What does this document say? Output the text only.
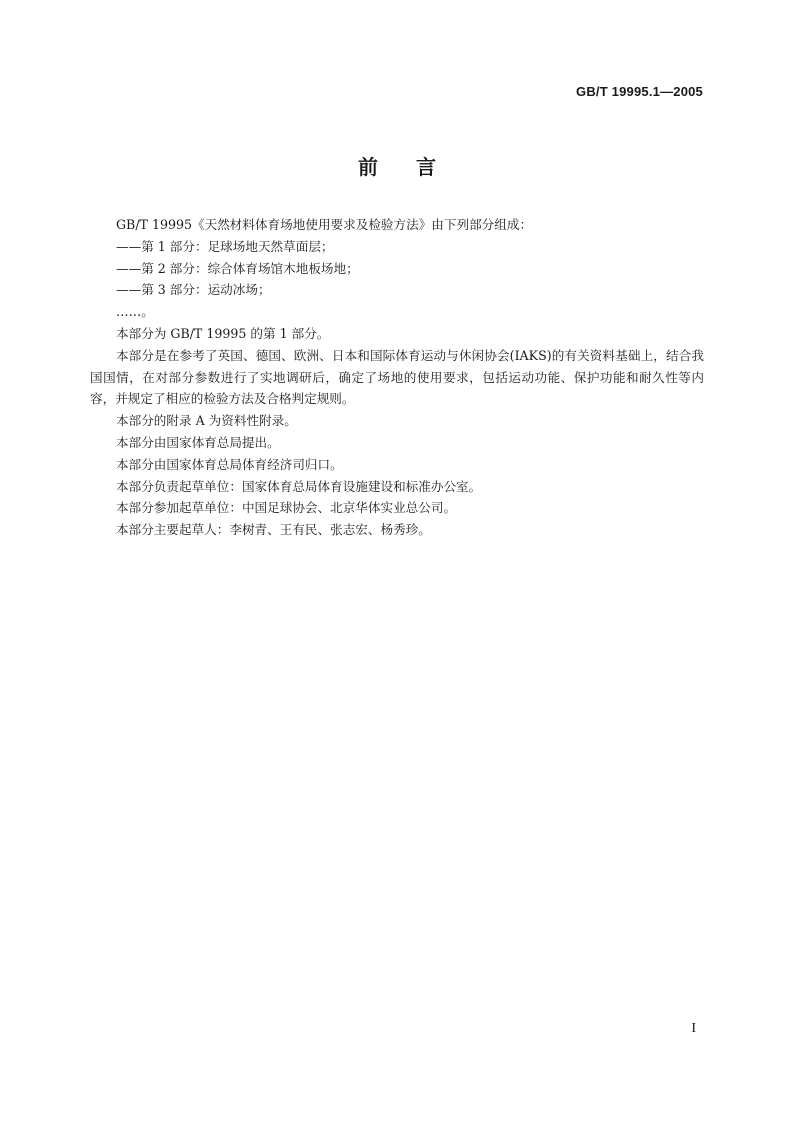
GB/T 19995.1—2005
前 言

GB/T 19995《天然材料体育场地使用要求及检验方法》由下列部分组成：

——第 1 部分：足球场地天然草面层；

——第 2 部分：综合体育场馆木地板场地；

——第 3 部分：运动冰场；

……。

本部分为 GB/T 19995 的第 1 部分。

本部分是在参考了英国、德国、欧洲、日本和国际体育运动与休闲协会(IAKS)的有关资料基础上，结合我国国情，在对部分参数进行了实地调研后，确定了场地的使用要求，包括运动功能、保护功能和耐久性等内容，并规定了相应的检验方法及合格判定规则。

本部分的附录 A 为资料性附录。

本部分由国家体育总局提出。

本部分由国家体育总局体育经济司归口。

本部分负责起草单位：国家体育总局体育设施建设和标准办公室。

本部分参加起草单位：中国足球协会、北京华体实业总公司。

本部分主要起草人：李树青、王有民、张志宏、杨秀珍。

I
